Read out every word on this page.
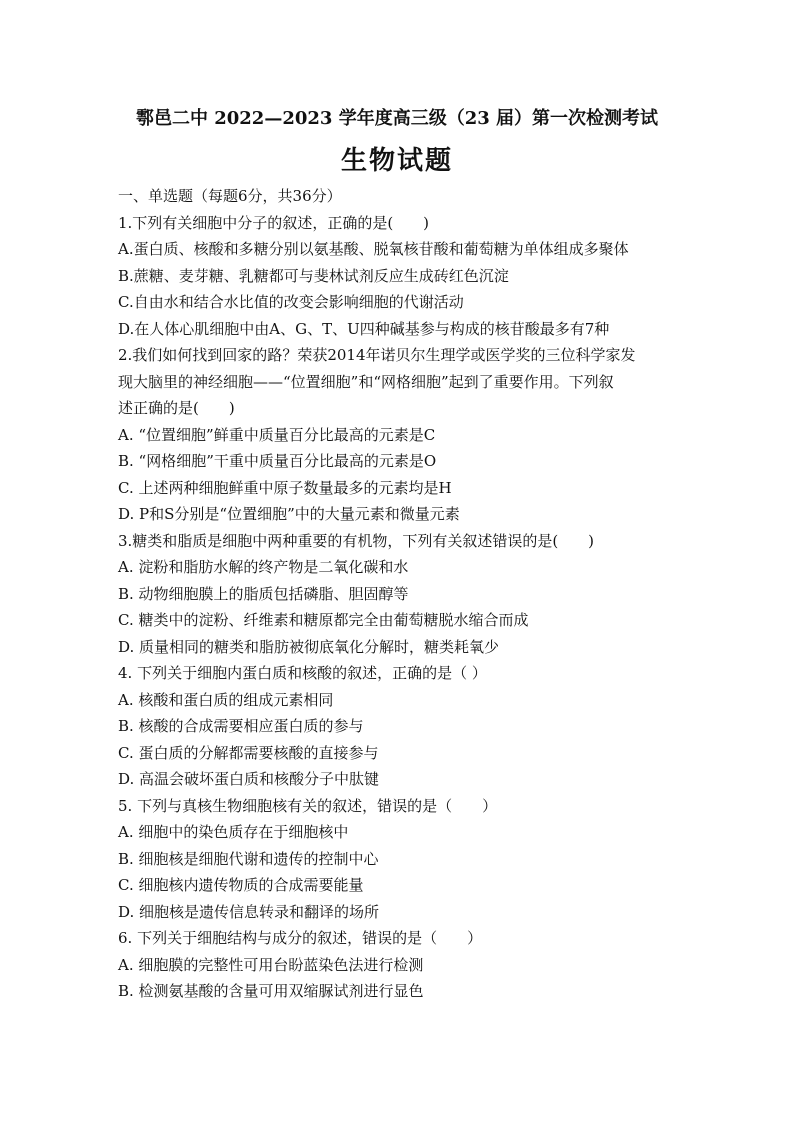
鄠邑二中 2022—2023 学年度高三级（23 届）第一次检测考试
生物试题
一、单选题（每题6分，共36分）
1.下列有关细胞中分子的叙述，正确的是(　　)
A.蛋白质、核酸和多糖分别以氨基酸、脱氧核苷酸和葡萄糖为单体组成多聚体
B.蔗糖、麦芽糖、乳糖都可与斐林试剂反应生成砖红色沉淀
C.自由水和结合水比值的改变会影响细胞的代谢活动
D.在人体心肌细胞中由A、G、T、U四种碱基参与构成的核苷酸最多有7种
2.我们如何找到回家的路？荣获2014年诺贝尔生理学或医学奖的三位科学家发
现大脑里的神经细胞——“位置细胞”和“网格细胞”起到了重要作用。下列叙
述正确的是(　　)
A. “位置细胞”鲜重中质量百分比最高的元素是C
B. “网格细胞”干重中质量百分比最高的元素是O
C. 上述两种细胞鲜重中原子数量最多的元素均是H
D. P和S分别是“位置细胞”中的大量元素和微量元素
3.糖类和脂质是细胞中两种重要的有机物，下列有关叙述错误的是(　　)
A. 淀粉和脂肪水解的终产物是二氧化碳和水
B. 动物细胞膜上的脂质包括磷脂、胆固醇等
C. 糖类中的淀粉、纤维素和糖原都完全由葡萄糖脱水缩合而成
D. 质量相同的糖类和脂肪被彻底氧化分解时，糖类耗氧少
4. 下列关于细胞内蛋白质和核酸的叙述，正确的是（ ）
A. 核酸和蛋白质的组成元素相同
B. 核酸的合成需要相应蛋白质的参与
C. 蛋白质的分解都需要核酸的直接参与
D. 高温会破坏蛋白质和核酸分子中肽键
5. 下列与真核生物细胞核有关的叙述，错误的是（　　）
A. 细胞中的染色质存在于细胞核中
B. 细胞核是细胞代谢和遗传的控制中心
C. 细胞核内遗传物质的合成需要能量
D. 细胞核是遗传信息转录和翻译的场所
6. 下列关于细胞结构与成分的叙述，错误的是（　　）
A. 细胞膜的完整性可用台盼蓝染色法进行检测
B. 检测氨基酸的含量可用双缩脲试剂进行显色
